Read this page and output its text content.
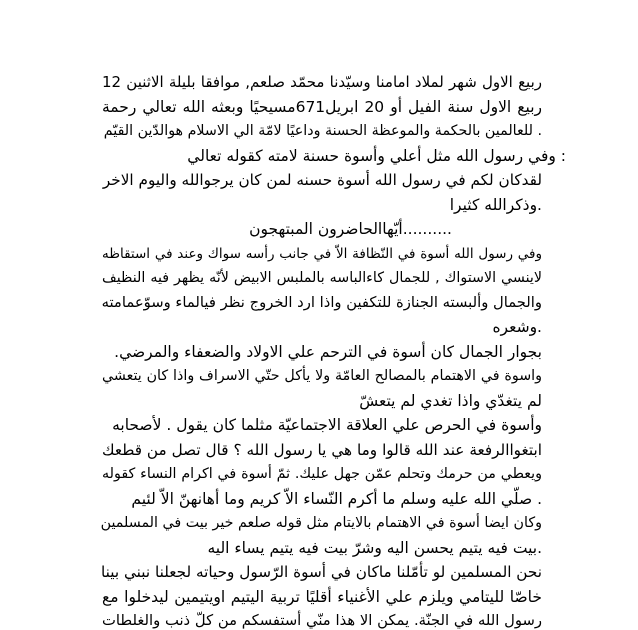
ربيع الاول شهر لملاد امامنا وسيّدنا محمّد صلعم, موافقا بليلة الاثنين 12
ربيع الاول سنة الفيل أو 20 ابريل671مسيحيًا وبعثه الله تعالي رحمة
. للعالمين بالحكمة والموعظة الحسنة وداعيًا لامّة الي الاسلام هوالدّين القيّم
: وفي رسول الله مثل أعلي وأسوة حسنة لامته كقوله تعالي
لقدكان لكم في رسول الله أسوة حسنه لمن كان يرجوالله واليوم الاخر
.وذكرالله كثيرا
..........أيّهاالحاضرون المبتهجون
وفي رسول الله أسوة في النّظافة الاّ في جانب رأسه سواك وعند في استقاظه
لاينسي الاستواك , للجمال كاءالباسه بالملبس الابيض لأنّه يظهر فيه النظيف
والجمال وألبسته الجنازة للتكفين واذا ارد الخروج نظر فيالماء وسوّعمامته
.وشعره
بجوار الجمال كان أسوة في الترحم علي الاولاد والضعفاء والمرضي.
واسوة في الاهتمام بالمصالح العامّة ولا يأكل حتّي الاسراف واذا كان يتعشي
لم يتغدّي واذا تغدي لم يتعشّ
وأسوة في الحرص علي العلاقة الاجتماعيّة مثلما كان يقول . لأصحابه
ابتغواالرفعة عند الله قالوا وما هي يا رسول الله ؟ قال تصل من قطعك
ويعطي من حرمك وتحلم عمّن جهل عليك. ثمّ أسوة في اكرام النساء كقوله
. صلّي الله عليه وسلم ما أكرم النّساء الاّ كريم وما أهانهنّ الاّ لئيم
وكان ايضا أسوة في الاهتمام بالايتام مثل قوله صلعم خير بيت في المسلمين
.بيت فيه يتيم يحسن اليه وشرّ بيت فيه يتيم يساء اليه
نحن المسلمين لو تأمّلنا ماكان في أسوة الرّسول وحياته لجعلنا نبني بينا
خاصّا لليتامي ويلزم علي الأغنياء أقليًا تربية اليتيم اويتيمين ليدخلوا مع
رسول الله في الجنّة. يمكن الا هذا منّي أستفسكم من كلّ ذنب والغلطات
